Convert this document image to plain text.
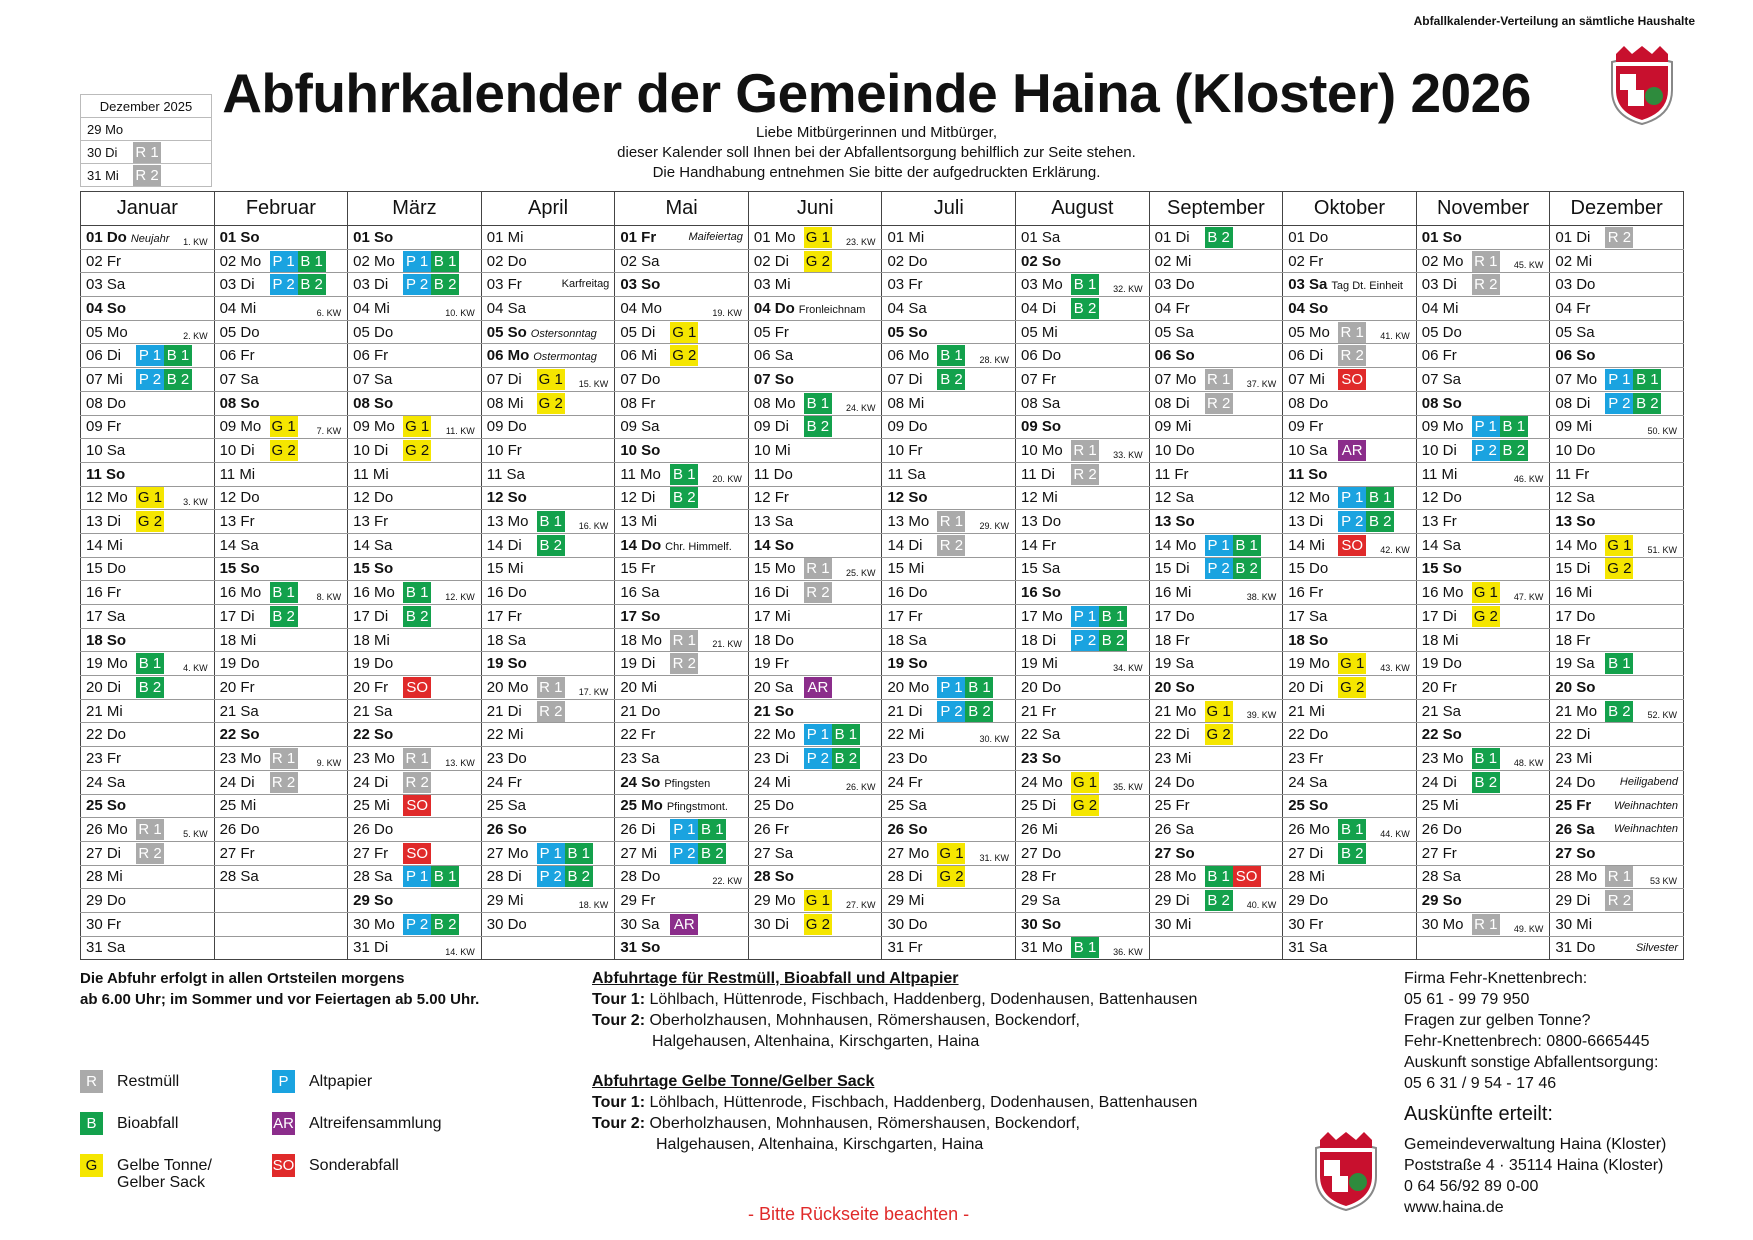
Abfallkalender-Verteilung an sämtliche Haushalte
Abfuhrkalender der Gemeinde Haina (Kloster) 2026
Liebe Mitbürgerinnen und Mitbürger,
dieser Kalender soll Ihnen bei der Abfallentsorgung behilflich zur Seite stehen.
Die Handhabung entnehmen Sie bitte der aufgedruckten Erklärung.
Dezember 2025
29 Mo
30 Di R 1

31 Mi R 2
Januar	Februar	März	April	Mai	Juni	Juli	August	September	Oktober	November	Dezember
01 Do Neujahr 1. KW	01 So	01 So	01 Mi	01 Fr Maifeiertag	01 Mo G 1 23. KW	01 Mi	01 Sa	01 Di B 2	01 Do	01 So	01 Di R 2

02 Fr	02 Mo P 1 B 1	02 Mo P 1 B 1	02 Do	02 Sa	02 Di G 2	02 Do	02 So	02 Mi	02 Fr	02 Mo R 1 45. KW	02 Mi
03 Sa	03 Di P 2 B 2	03 Di P 2 B 2	03 Fr Karfreitag	03 So	03 Mi	03 Fr	03 Mo B 1 32. KW	03 Do	03 Sa Tag Dt. Einheit	03 Di R 2	03 Do
04 So	04 Mi 6. KW	04 Mi 10. KW	04 Sa	04 Mo 19. KW	04 Do Fronleichnam	04 Sa	04 Di B 2	04 Fr	04 So	04 Mi	04 Fr
05 Mo 2. KW	05 Do	05 Do	05 So Ostersonntag	05 Di G 1	05 Fr	05 So	05 Mi	05 Sa	05 Mo R 1 41. KW	05 Do	05 Sa
06 Di P 1 B 1	06 Fr	06 Fr	06 Mo Ostermontag	06 Mi G 2	06 Sa	06 Mo B 1 28. KW	06 Do	06 So	06 Di R 2	06 Fr	06 So
07 Mi P 2 B 2	07 Sa	07 Sa	07 Di G 1 15. KW	07 Do	07 So	07 Di B 2	07 Fr	07 Mo R 1 37. KW	07 Mi SO	07 Sa	07 Mo P 1 B 1

08 Do	08 So	08 So	08 Mi G 2	08 Fr	08 Mo B 1 24. KW	08 Mi	08 Sa	08 Di R 2	08 Do	08 So	08 Di P 2 B 2

09 Fr	09 Mo G 1 7. KW	09 Mo G 1 11. KW	09 Do	09 Sa	09 Di B 2	09 Do	09 So	09 Mi	09 Fr	09 Mo P 1 B 1	09 Mi 50. KW

10 Sa	10 Di G 2	10 Di G 2	10 Fr	10 So	10 Mi	10 Fr	10 Mo R 1 33. KW	10 Do	10 Sa AR	10 Di P 2 B 2	10 Do
11 So	11 Mi	11 Mi	11 Sa	11 Mo B 1 20. KW	11 Do	11 Sa	11 Di R 2	11 Fr	11 So	11 Mi 46. KW	11 Fr
12 Mo G 1 3. KW	12 Do	12 Do	12 So	12 Di B 2	12 Fr	12 So	12 Mi	12 Sa	12 Mo P 1 B 1	12 Do	12 Sa
13 Di G 2	13 Fr	13 Fr	13 Mo B 1 16. KW	13 Mi	13 Sa	13 Mo R 1 29. KW	13 Do	13 So	13 Di P 2 B 2	13 Fr	13 So
14 Mi	14 Sa	14 Sa	14 Di B 2	14 Do Chr. Himmelf.	14 So	14 Di R 2	14 Fr	14 Mo P 1 B 1	14 Mi SO 42. KW	14 Sa	14 Mo G 1 51. KW

15 Do	15 So	15 So	15 Mi	15 Fr	15 Mo R 1 25. KW	15 Mi	15 Sa	15 Di P 2 B 2	15 Do	15 So	15 Di G 2

16 Fr	16 Mo B 1 8. KW	16 Mo B 1 12. KW	16 Do	16 Sa	16 Di R 2	16 Do	16 So	16 Mi 38. KW	16 Fr	16 Mo G 1 47. KW	16 Mi
17 Sa	17 Di B 2	17 Di B 2	17 Fr	17 So	17 Mi	17 Fr	17 Mo P 1 B 1	17 Do	17 Sa	17 Di G 2	17 Do
18 So	18 Mi	18 Mi	18 Sa	18 Mo R 1 21. KW	18 Do	18 Sa	18 Di P 2 B 2	18 Fr	18 So	18 Mi	18 Fr
19 Mo B 1 4. KW	19 Do	19 Do	19 So	19 Di R 2	19 Fr	19 So	19 Mi 34. KW	19 Sa	19 Mo G 1 43. KW	19 Do	19 Sa B 1

20 Di B 2	20 Fr	20 Fr SO	20 Mo R 1 17. KW	20 Mi	20 Sa AR	20 Mo P 1 B 1	20 Do	20 So	20 Di G 2	20 Fr	20 So
21 Mi	21 Sa	21 Sa	21 Di R 2	21 Do	21 So	21 Di P 2 B 2	21 Fr	21 Mo G 1 39. KW	21 Mi	21 Sa	21 Mo B 2 52. KW

22 Do	22 So	22 So	22 Mi	22 Fr	22 Mo P 1 B 1	22 Mi 30. KW	22 Sa	22 Di G 2	22 Do	22 So	22 Di
23 Fr	23 Mo R 1 9. KW	23 Mo R 1 13. KW	23 Do	23 Sa	23 Di P 2 B 2	23 Do	23 So	23 Mi	23 Fr	23 Mo B 1 48. KW	23 Mi
24 Sa	24 Di R 2	24 Di R 2	24 Fr	24 So Pfingsten	24 Mi 26. KW	24 Fr	24 Mo G 1 35. KW	24 Do	24 Sa	24 Di B 2	24 Do Heiligabend

25 So	25 Mi	25 Mi SO	25 Sa	25 Mo Pfingstmont.	25 Do	25 Sa	25 Di G 2	25 Fr	25 So	25 Mi	25 Fr Weihnachten

26 Mo R 1 5. KW	26 Do	26 Do	26 So	26 Di P 1 B 1	26 Fr	26 So	26 Mi	26 Sa	26 Mo B 1 44. KW	26 Do	26 Sa Weihnachten

27 Di R 2	27 Fr	27 Fr SO	27 Mo P 1 B 1	27 Mi P 2 B 2	27 Sa	27 Mo G 1 31. KW	27 Do	27 So	27 Di B 2	27 Fr	27 So
28 Mi	28 Sa	28 Sa P 1 B 1	28 Di P 2 B 2	28 Do 22. KW	28 So	28 Di G 2	28 Fr	28 Mo B 1 SO	28 Mi	28 Sa	28 Mo R 1 53 KW

29 Do		29 So	29 Mi 18. KW	29 Fr	29 Mo G 1 27. KW	29 Mi	29 Sa	29 Di B 2 40. KW	29 Do	29 So	29 Di R 2

30 Fr		30 Mo P 2 B 2	30 Do	30 Sa AR	30 Di G 2	30 Do	30 So	30 Mi	30 Fr	30 Mo R 1 49. KW	30 Mi
31 Sa		31 Di 14. KW		31 So		31 Fr	31 Mo B 1 36. KW		31 Sa		31 Do Silvester
Die Abfuhr erfolgt in allen Ortsteilen morgens
ab 6.00 Uhr; im Sommer und vor Feiertagen ab 5.00 Uhr.
R Restmüll	P Altpapier
B Bioabfall	AR Altreifensammlung
G Gelbe Tonne/
Gelber Sack
SO Sonderabfall
Abfuhrtage für Restmüll, Bioabfall und Altpapier
Tour 1: Löhlbach, Hüttenrode, Fischbach, Haddenberg, Dodenhausen, Battenhausen
Tour 2: Oberholzhausen, Mohnhausen, Römershausen, Bockendorf,
Halgehausen, Altenhaina, Kirschgarten, Haina
Abfuhrtage Gelbe Tonne/Gelber Sack
Tour 1: Löhlbach, Hüttenrode, Fischbach, Haddenberg, Dodenhausen, Battenhausen
Tour 2: Oberholzhausen, Mohnhausen, Römershausen, Bockendorf,
Halgehausen, Altenhaina, Kirschgarten, Haina
Firma Fehr-Knettenbrech:
05 61 - 99 79 950
Fragen zur gelben Tonne?
Fehr-Knettenbrech: 0800-6665445
Auskunft sonstige Abfallentsorgung:
05 6 31 / 9 54 - 17 46
Auskünfte erteilt:
Gemeindeverwaltung Haina (Kloster)
Poststraße 4 · 35114 Haina (Kloster)
0 64 56/92 89 0-00
www.haina.de
- Bitte Rückseite beachten -
